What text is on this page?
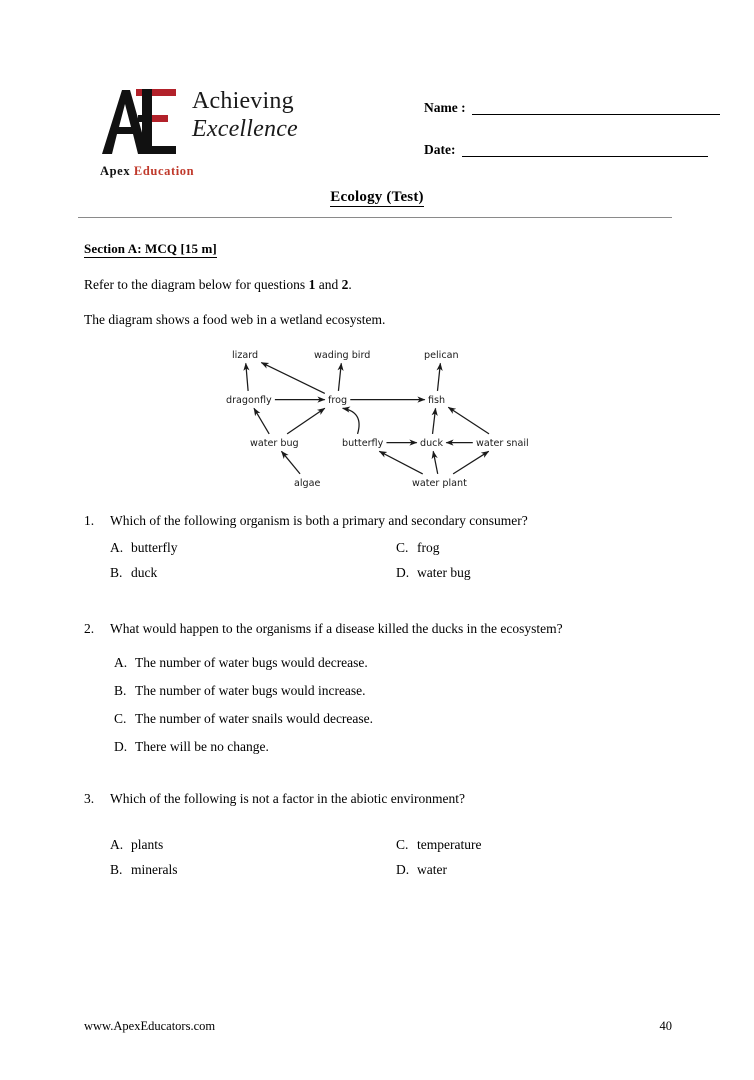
Achieving
Excellence
Apex Education
Name :
Date:
Ecology (Test)
Section A: MCQ [15 m]
Refer to the diagram below for questions 1 and 2.
The diagram shows a food web in a wetland ecosystem.
lizard	wading bird	pelican
dragonfly	frog	fish
water bug	butterfly	duck	water snail
algae	water plant
1.	Which of the following organism is both a primary and secondary consumer?
A. butterfly	C. frog
B. duck	D. water bug
2.	What would happen to the organisms if a disease killed the ducks in the ecosystem?
A. The number of water bugs would decrease.
B. The number of water bugs would increase.
C. The number of water snails would decrease.
D. There will be no change.
3.	Which of the following is not a factor in the abiotic environment?
A. plants	C. temperature
B. minerals	D. water
www.ApexEducators.com	40
